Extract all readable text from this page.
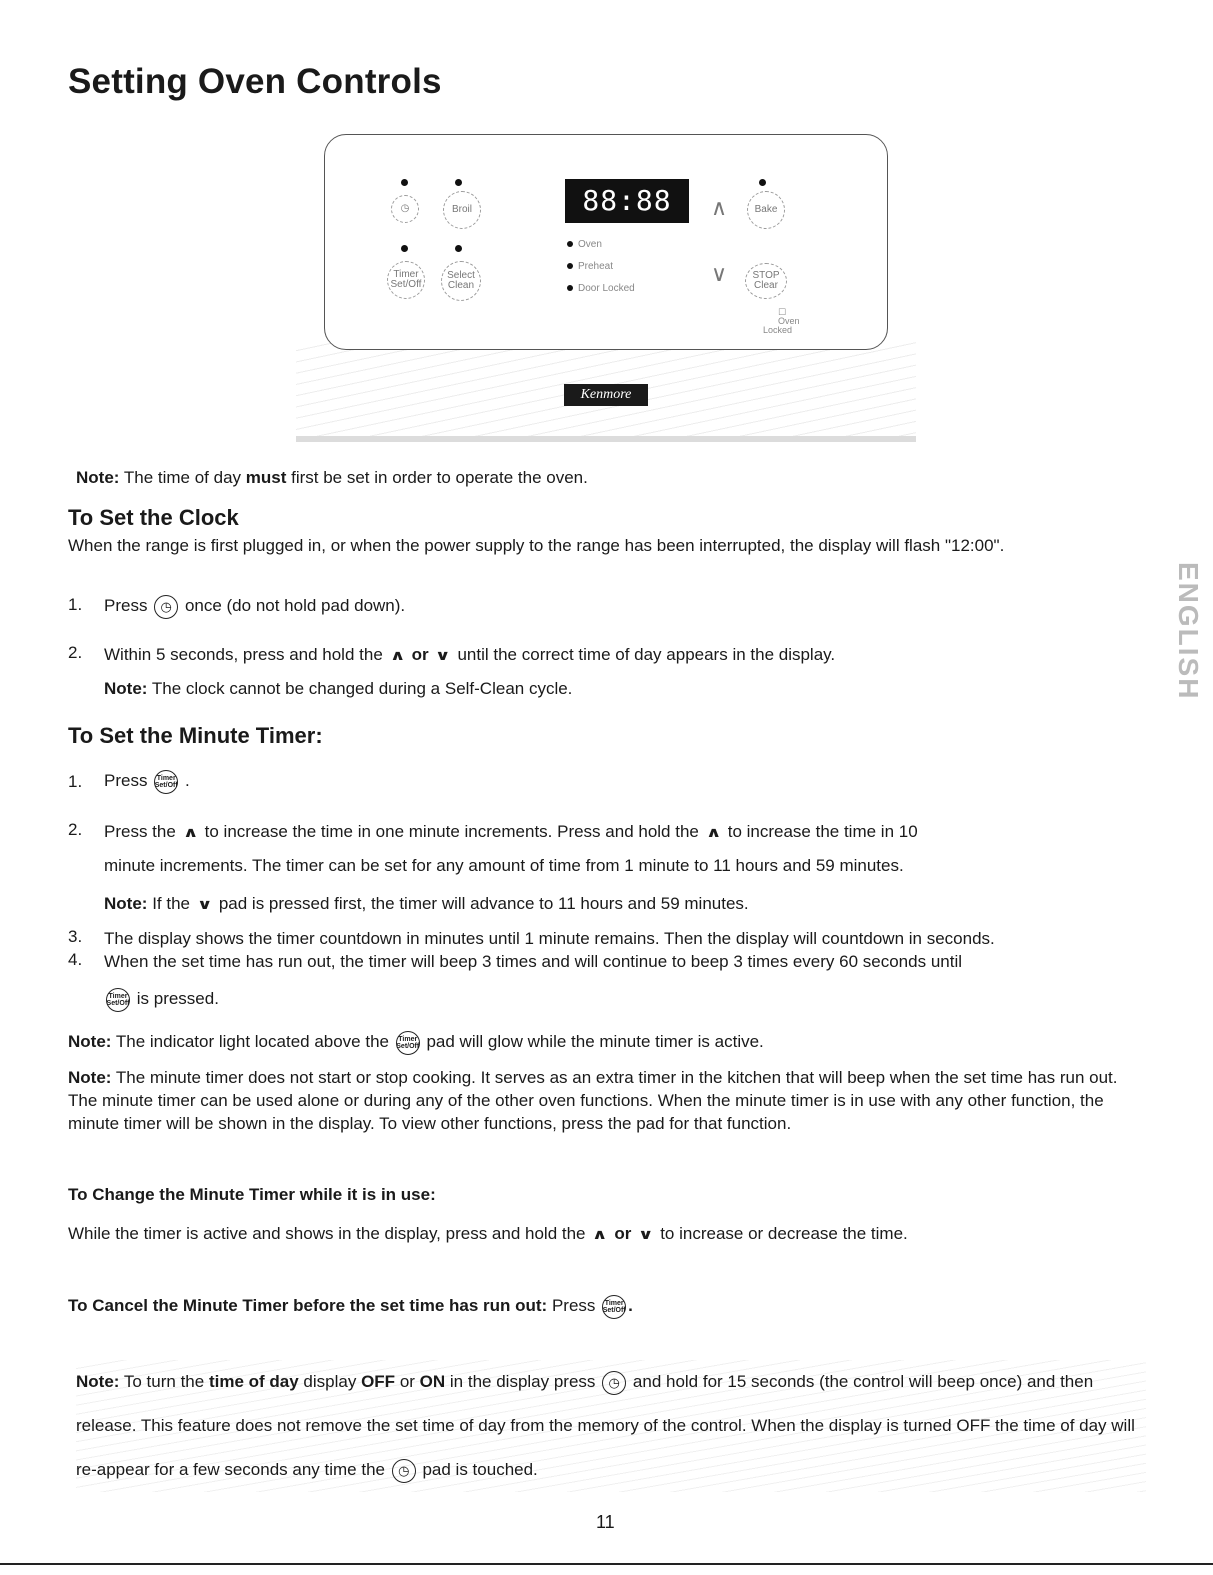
Setting Oven Controls
◷	Broil
Timer
Set/Off
Select
Clean
Bake
STOP
Clear
88:88
Oven
Preheat
Door Locked
∧
∨

☐
Oven
Locked

Kenmore
Note: The time of day must first be set in order to operate the oven.
To Set the Clock
When the range is first plugged in, or when the power supply to the range has been interrupted, the display will flash "12:00".
1. Press ◷ once (do not hold pad down).
2. Within 5 seconds, press and hold the ∧ or ∨ until the correct time of day appears in the display.
Note: The clock cannot be changed during a Self-Clean cycle.
To Set the Minute Timer:
1. Press Timer Set/Off .
2. Press the ∧ to increase the time in one minute increments. Press and hold the ∧ to increase the time in 10
minute increments. The timer can be set for any amount of time from 1 minute to 11 hours and 59 minutes.
Note: If the ∨ pad is pressed first, the timer will advance to 11 hours and 59 minutes.
3. The display shows the timer countdown in minutes until 1 minute remains. Then the display will countdown in seconds.
4. When the set time has run out, the timer will beep 3 times and will continue to beep 3 times every 60 seconds until
Timer Set/Off is pressed.
Note: The indicator light located above the Timer Set/Off pad will glow while the minute timer is active.
Note: The minute timer does not start or stop cooking. It serves as an extra timer in the kitchen that will beep when the set time has run out. The minute timer can be used alone or during any of the other oven functions. When the minute timer is in use with any other function, the minute timer will be shown in the display. To view other functions, press the pad for that function.
To Change the Minute Timer while it is in use:
While the timer is active and shows in the display, press and hold the ∧ or ∨ to increase or decrease the time.
To Cancel the Minute Timer before the set time has run out: Press Timer Set/Off .
Note: To turn the time of day display OFF or ON in the display press ◷ and hold for 15 seconds (the control will beep once) and then release. This feature does not remove the set time of day from the memory of the control. When the display is turned OFF the time of day will re-appear for a few seconds any time the ◷ pad is touched.
ENGLISH
11
